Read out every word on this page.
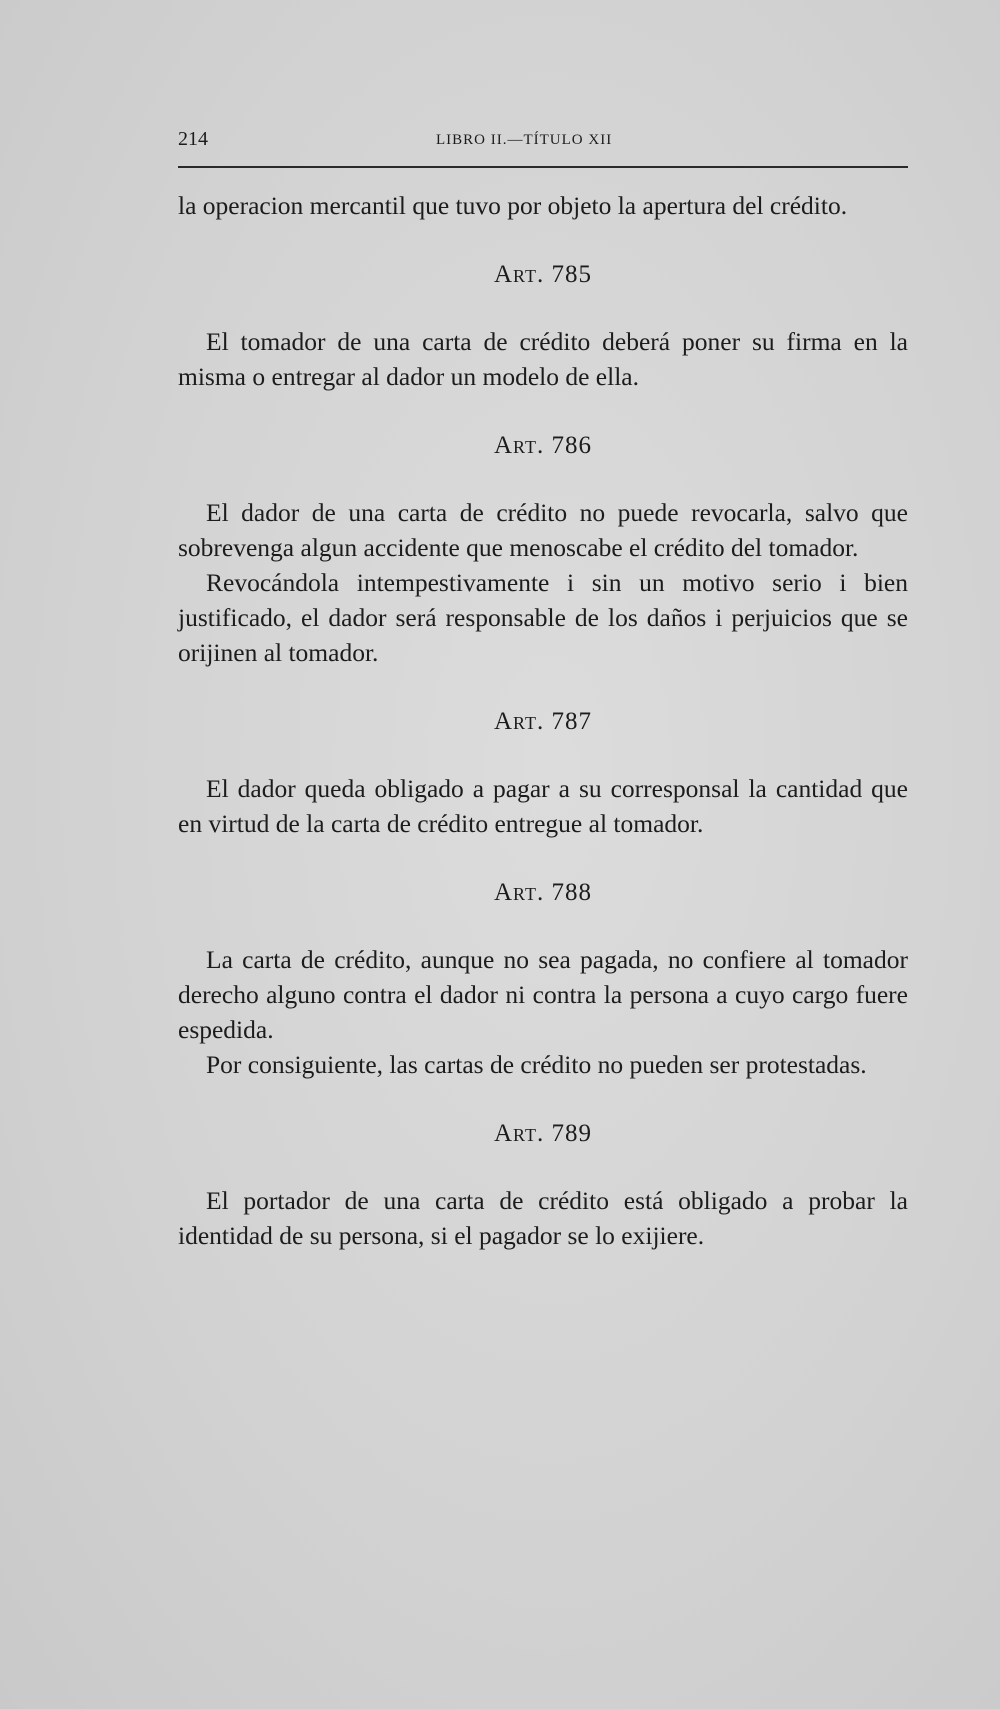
214	LIBRO II.—TÍTULO XII

la operacion mercantil que tuvo por objeto la apertura del crédito.

Art. 785

El tomador de una carta de crédito deberá poner su firma en la misma o entregar al dador un modelo de ella.

Art. 786

El dador de una carta de crédito no puede revocarla, salvo que sobrevenga algun accidente que menoscabe el crédito del tomador.

Revocándola intempestivamente i sin un motivo serio i bien justificado, el dador será responsable de los daños i perjuicios que se orijinen al tomador.

Art. 787

El dador queda obligado a pagar a su corresponsal la cantidad que en virtud de la carta de crédito entregue al tomador.

Art. 788

La carta de crédito, aunque no sea pagada, no confiere al tomador derecho alguno contra el dador ni contra la persona a cuyo cargo fuere espedida.

Por consiguiente, las cartas de crédito no pueden ser protestadas.

Art. 789

El portador de una carta de crédito está obligado a probar la identidad de su persona, si el pagador se lo exijiere.
